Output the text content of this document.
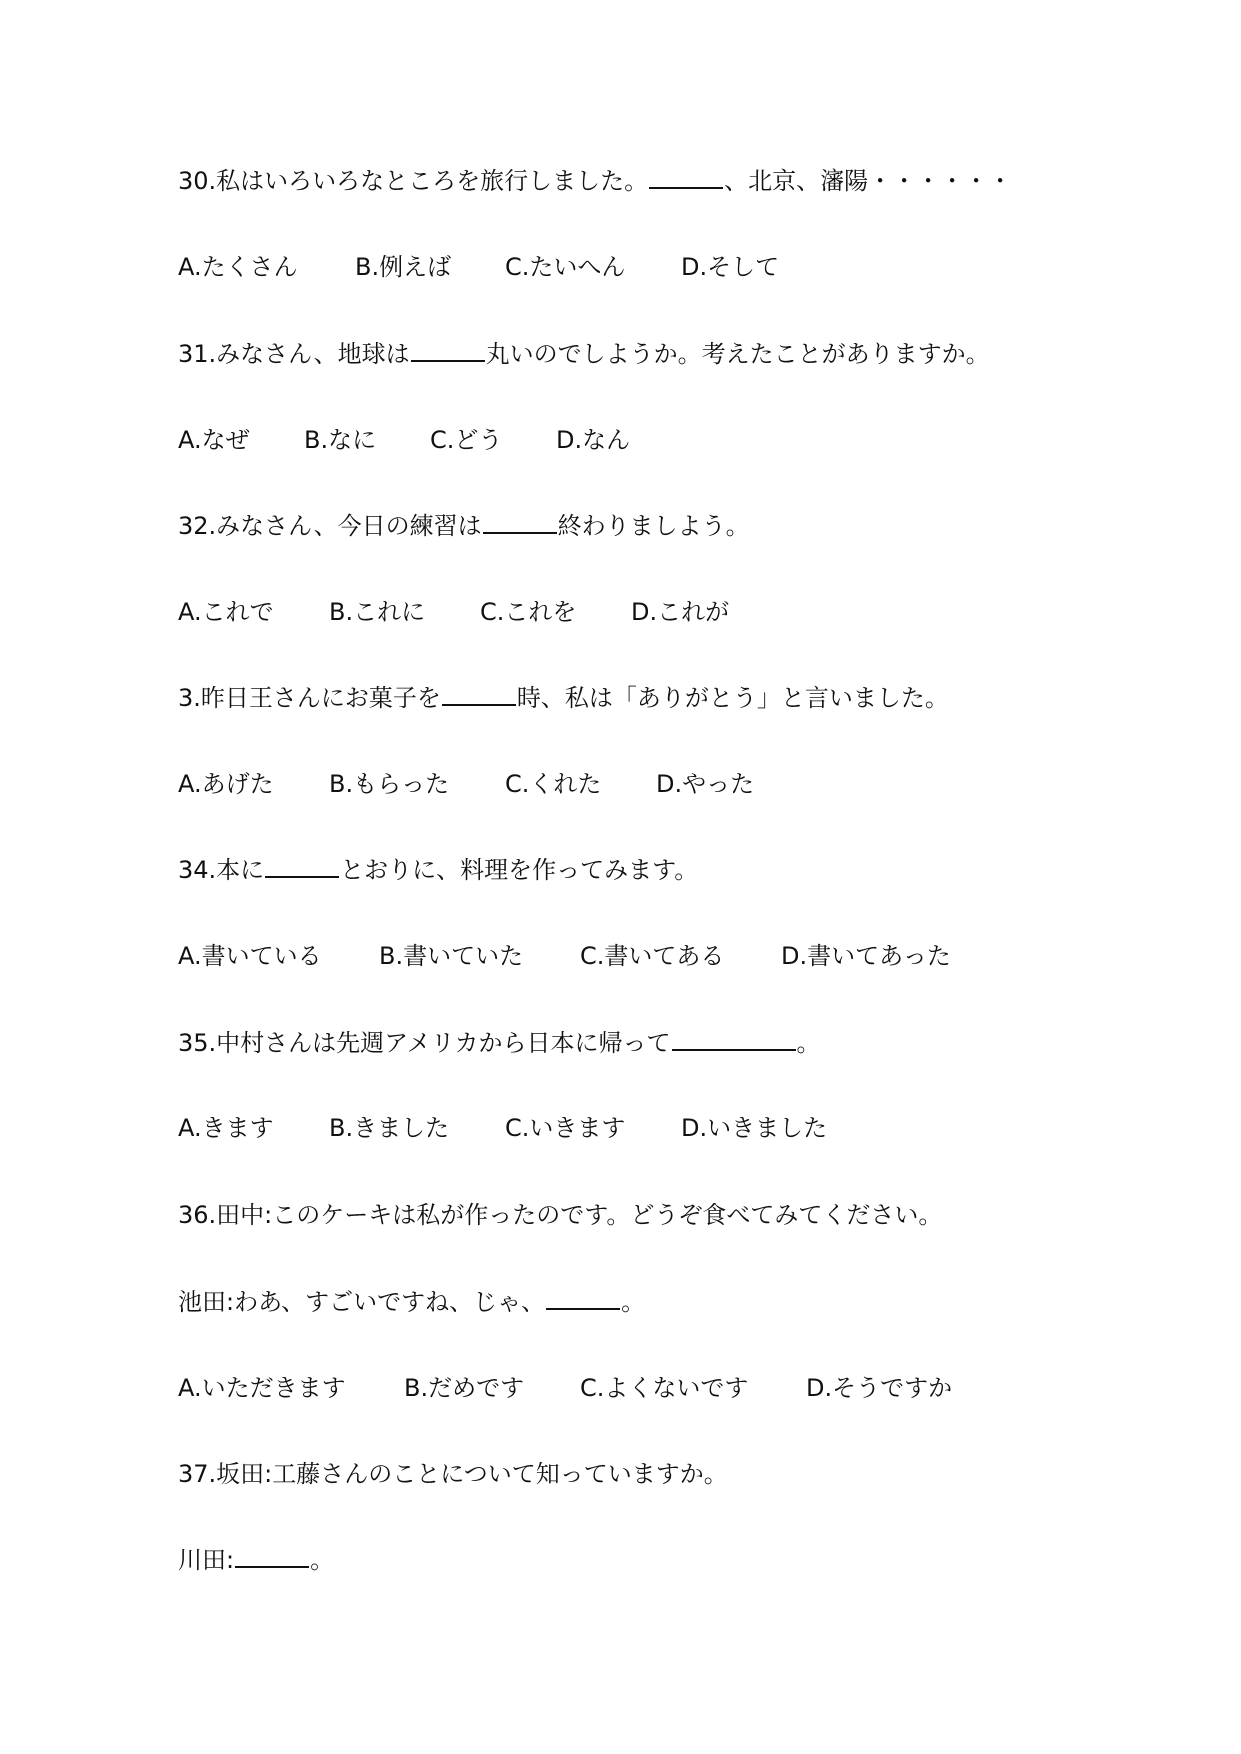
30.私はいろいろなところを旅行しました。	、北京、瀋陽・・・・・・
A.たくさん B.例えば C.たいへん D.そして
31.みなさん、地球は	丸いのでしようか。考えたことがありますか。
A.なぜ B.なに C.どう D.なん
32.みなさん、今日の練習は	終わりましよう。
A.これで B.これに C.これを D.これが
3.昨日王さんにお菓子を	時、私は「ありがとう」と言いました。
A.あげた B.もらった C.くれた D.やった
34.本に	とおりに、料理を作ってみます。
A.書いている B.書いていた C.書いてある D.書いてあった
35.中村さんは先週アメリカから日本に帰って	。
A.きます B.きました C.いきます D.いきました
36.田中:このケーキは私が作ったのです。どうぞ食べてみてください。
池田:わあ、すごいですね、じゃ、	。
A.いただきます B.だめです C.よくないです D.そうですか
37.坂田:工藤さんのことについて知っていますか。
川田:	。
